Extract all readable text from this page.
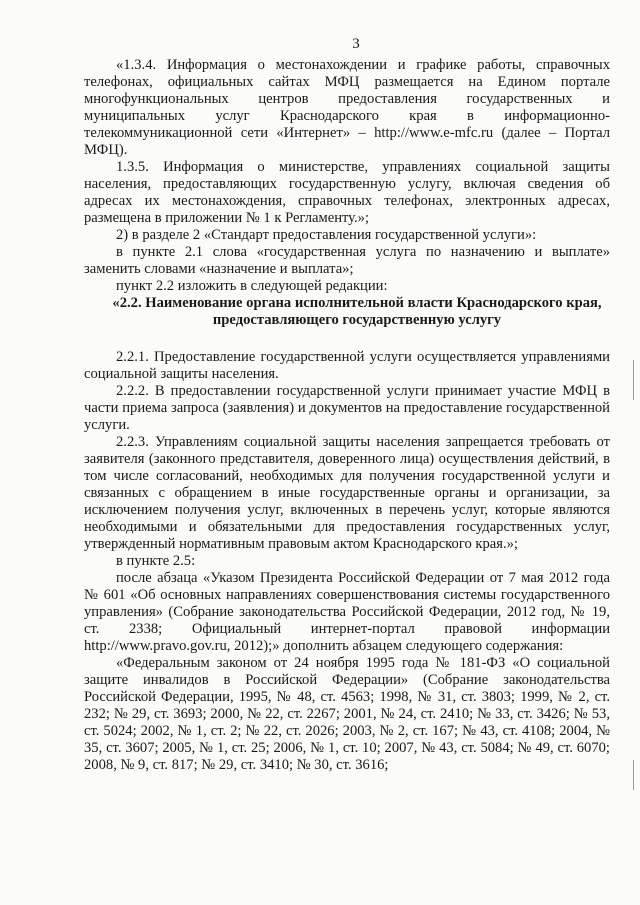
3

«1.3.4. Информация о местонахождении и графике работы, справочных телефонах, официальных сайтах МФЦ размещается на Едином портале многофункциональных центров предоставления государственных и муниципальных услуг Краснодарского края в информационно-телекоммуникационной сети «Интернет» – http://www.e-mfc.ru (далее – Портал МФЦ).

1.3.5. Информация о министерстве, управлениях социальной защиты населения, предоставляющих государственную услугу, включая сведения об адресах их местонахождения, справочных телефонах, электронных адресах, размещена в приложении № 1 к Регламенту.»;

2) в разделе 2 «Стандарт предоставления государственной услуги»:

в пункте 2.1 слова «государственная услуга по назначению и выплате» заменить словами «назначение и выплата»;

пункт 2.2 изложить в следующей редакции:

«2.2. Наименование органа исполнительной власти Краснодарского края, предоставляющего государственную услугу

2.2.1. Предоставление государственной услуги осуществляется управлениями социальной защиты населения.

2.2.2. В предоставлении государственной услуги принимает участие МФЦ в части приема запроса (заявления) и документов на предоставление государственной услуги.

2.2.3. Управлениям социальной защиты населения запрещается требовать от заявителя (законного представителя, доверенного лица) осуществления действий, в том числе согласований, необходимых для получения государственной услуги и связанных с обращением в иные государственные органы и организации, за исключением получения услуг, включенных в перечень услуг, которые являются необходимыми и обязательными для предоставления государственных услуг, утвержденный нормативным правовым актом Краснодарского края.»;

в пункте 2.5:

после абзаца «Указом Президента Российской Федерации от 7 мая 2012 года № 601 «Об основных направлениях совершенствования системы государственного управления» (Собрание законодательства Российской Федерации, 2012 год, № 19, ст. 2338; Официальный интернет-портал правовой информации http://www.pravo.gov.ru, 2012);» дополнить абзацем следующего содержания:

«Федеральным законом от 24 ноября 1995 года № 181-ФЗ «О социальной защите инвалидов в Российской Федерации» (Собрание законодательства Российской Федерации, 1995, № 48, ст. 4563; 1998, № 31, ст. 3803; 1999, № 2, ст. 232; № 29, ст. 3693; 2000, № 22, ст. 2267; 2001, № 24, ст. 2410; № 33, ст. 3426; № 53, ст. 5024; 2002, № 1, ст. 2; № 22, ст. 2026; 2003, № 2, ст. 167; № 43, ст. 4108; 2004, № 35, ст. 3607; 2005, № 1, ст. 25; 2006, № 1, ст. 10; 2007, № 43, ст. 5084; № 49, ст. 6070; 2008, № 9, ст. 817; № 29, ст. 3410; № 30, ст. 3616;
